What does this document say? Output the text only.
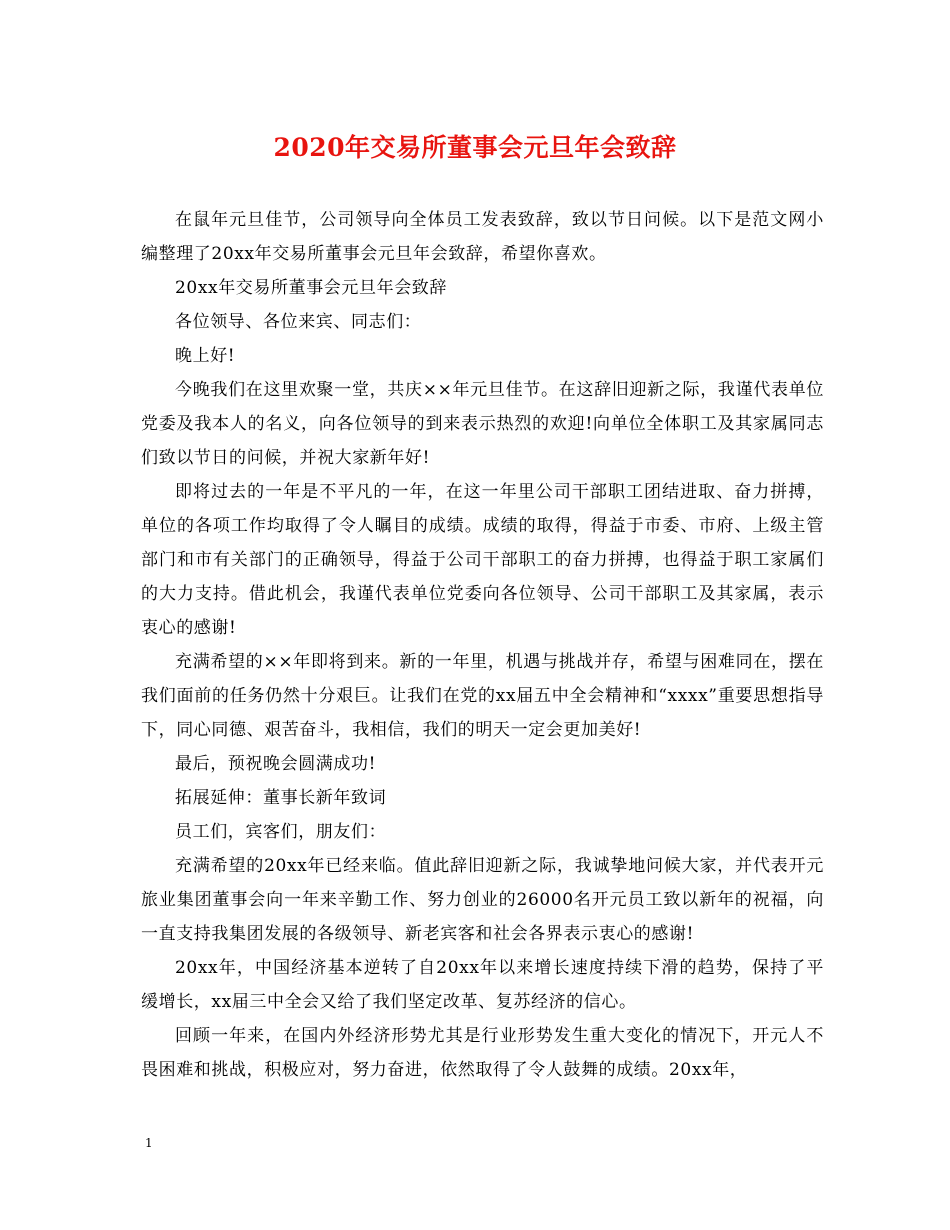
2020年交易所董事会元旦年会致辞

在鼠年元旦佳节，公司领导向全体员工发表致辞，致以节日问候。以下是范文网小编整理了20xx年交易所董事会元旦年会致辞，希望你喜欢。

20xx年交易所董事会元旦年会致辞

各位领导、各位来宾、同志们：

晚上好!

今晚我们在这里欢聚一堂，共庆××年元旦佳节。在这辞旧迎新之际，我谨代表单位党委及我本人的名义，向各位领导的到来表示热烈的欢迎!向单位全体职工及其家属同志们致以节日的问候，并祝大家新年好!

即将过去的一年是不平凡的一年，在这一年里公司干部职工团结进取、奋力拼搏，单位的各项工作均取得了令人瞩目的成绩。成绩的取得，得益于市委、市府、上级主管部门和市有关部门的正确领导，得益于公司干部职工的奋力拼搏，也得益于职工家属们的大力支持。借此机会，我谨代表单位党委向各位领导、公司干部职工及其家属，表示衷心的感谢!

充满希望的××年即将到来。新的一年里，机遇与挑战并存，希望与困难同在，摆在我们面前的任务仍然十分艰巨。让我们在党的xx届五中全会精神和“xxxx”重要思想指导下，同心同德、艰苦奋斗，我相信，我们的明天一定会更加美好!

最后，预祝晚会圆满成功!

拓展延伸：董事长新年致词

员工们，宾客们，朋友们：

充满希望的20xx年已经来临。值此辞旧迎新之际，我诚挚地问候大家，并代表开元旅业集团董事会向一年来辛勤工作、努力创业的26000名开元员工致以新年的祝福，向一直支持我集团发展的各级领导、新老宾客和社会各界表示衷心的感谢!

20xx年，中国经济基本逆转了自20xx年以来增长速度持续下滑的趋势，保持了平缓增长，xx届三中全会又给了我们坚定改革、复苏经济的信心。

回顾一年来，在国内外经济形势尤其是行业形势发生重大变化的情况下，开元人不畏困难和挑战，积极应对，努力奋进，依然取得了令人鼓舞的成绩。20xx年，

1
